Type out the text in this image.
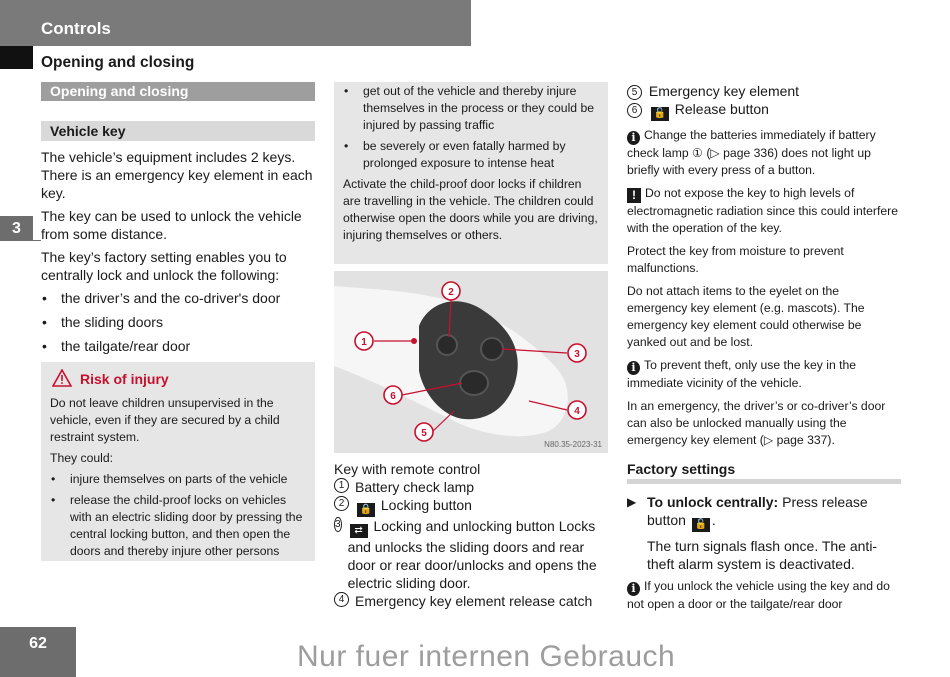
Controls
Opening and closing
3
Opening and closing
Vehicle key

The vehicle’s equipment includes 2 keys. There is an emergency key element in each key.

The key can be used to unlock the vehicle from some distance.

The key’s factory setting enables you to centrally lock and unlock the following:

• the driver’s and the co-driver's door
• the sliding doors
• the tailgate/rear door
Risk of injury

Do not leave children unsupervised in the vehicle, even if they are secured by a child restraint system.

They could:

• injure themselves on parts of the vehicle
• release the child-proof locks on vehicles with an electric sliding door by pressing the central locking button, and then open the doors and thereby injure other persons
• get out of the vehicle and thereby injure themselves in the process or they could be injured by passing traffic
• be severely or even fatally harmed by prolonged exposure to intense heat

Activate the child-proof door locks if children are travelling in the vehicle. The children could otherwise open the doors while you are driving, injuring themselves or others.

1
2
3
4
5
6
N80.35-2023-31

Key with remote control

1 Battery check lamp
2
🔒 Locking button
3
⇄ Locking and unlocking button Locks and unlocks the sliding doors and rear door or rear door/unlocks and opens the electric sliding door.
4 Emergency key element release catch
5 Emergency key element
6 🔓 Release button

i Change the batteries immediately if battery check lamp ① (▷ page 336) does not light up briefly with every press of a button.

! Do not expose the key to high levels of electromagnetic radiation since this could interfere with the operation of the key.

Protect the key from moisture to prevent malfunctions.

Do not attach items to the eyelet on the emergency key element (e.g. mascots). The emergency key element could otherwise be yanked out and be lost.

i To prevent theft, only use the key in the immediate vicinity of the vehicle.

In an emergency, the driver’s or co-driver’s door can also be unlocked manually using the emergency key element (▷ page 337).

Factory settings
▶ To unlock centrally: Press release button 🔓 .

The turn signals flash once. The anti-theft alarm system is deactivated.

i If you unlock the vehicle using the key and do not open a door or the tailgate/rear door

62	Nur fuer internen Gebrauch
